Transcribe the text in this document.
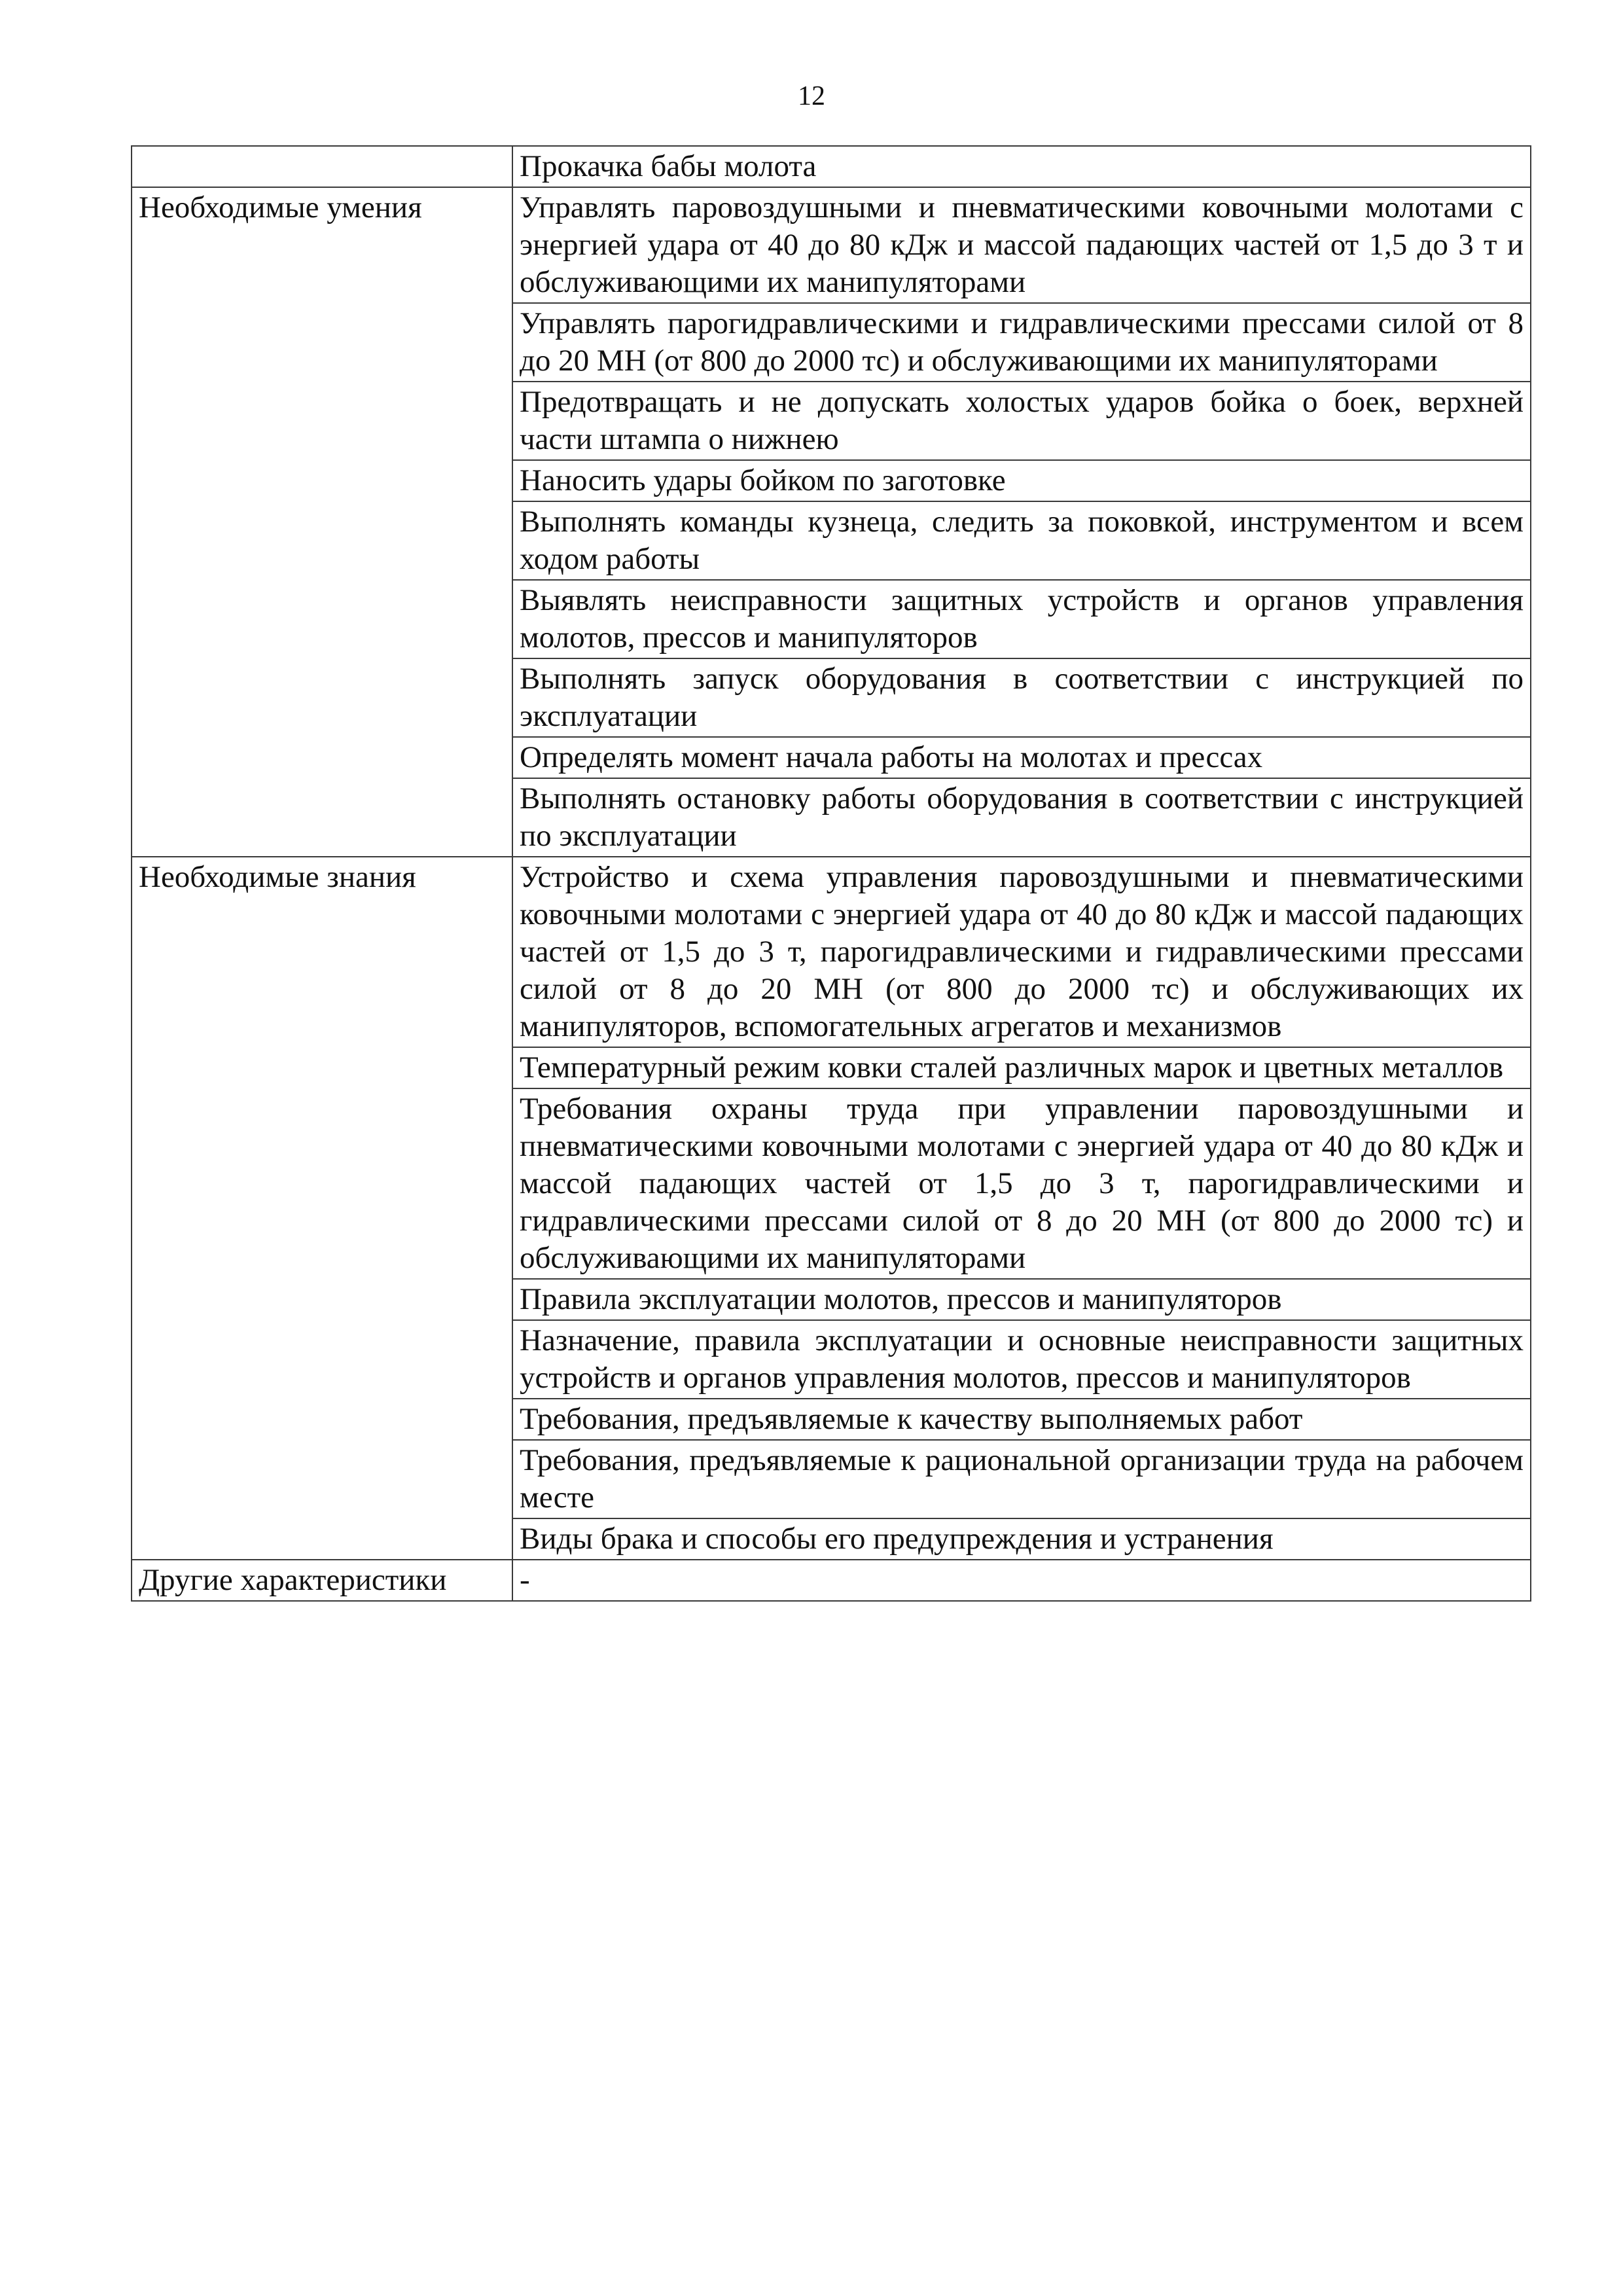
12
	Прокачка бабы молота
Необходимые умения	Управлять паровоздушными и пневматическими ковочными молотами с энергией удара от 40 до 80 кДж и массой падающих частей от 1,5 до 3 т и обслуживающими их манипуляторами
	Управлять парогидравлическими и гидравлическими прессами силой от 8 до 20 МН (от 800 до 2000 тс) и обслуживающими их манипуляторами
	Предотвращать и не допускать холостых ударов бойка о боек, верхней части штампа о нижнею
	Наносить удары бойком по заготовке
	Выполнять команды кузнеца, следить за поковкой, инструментом и всем ходом работы
	Выявлять неисправности защитных устройств и органов управления молотов, прессов и манипуляторов
	Выполнять запуск оборудования в соответствии с инструкцией по эксплуатации
	Определять момент начала работы на молотах и прессах
	Выполнять остановку работы оборудования в соответствии с инструкцией по эксплуатации
Необходимые знания	Устройство и схема управления паровоздушными и пневматическими ковочными молотами с энергией удара от 40 до 80 кДж и массой падающих частей от 1,5 до 3 т, парогидравлическими и гидравлическими прессами силой от 8 до 20 МН (от 800 до 2000 тс) и обслуживающих их манипуляторов, вспомогательных агрегатов и механизмов
	Температурный режим ковки сталей различных марок и цветных металлов
	Требования охраны труда при управлении паровоздушными и пневматическими ковочными молотами с энергией удара от 40 до 80 кДж и массой падающих частей от 1,5 до 3 т, парогидравлическими и гидравлическими прессами силой от 8 до 20 МН (от 800 до 2000 тс) и обслуживающими их манипуляторами
	Правила эксплуатации молотов, прессов и манипуляторов
	Назначение, правила эксплуатации и основные неисправности защитных устройств и органов управления молотов, прессов и манипуляторов
	Требования, предъявляемые к качеству выполняемых работ
	Требования, предъявляемые к рациональной организации труда на рабочем месте
	Виды брака и способы его предупреждения и устранения
Другие характеристики	-
